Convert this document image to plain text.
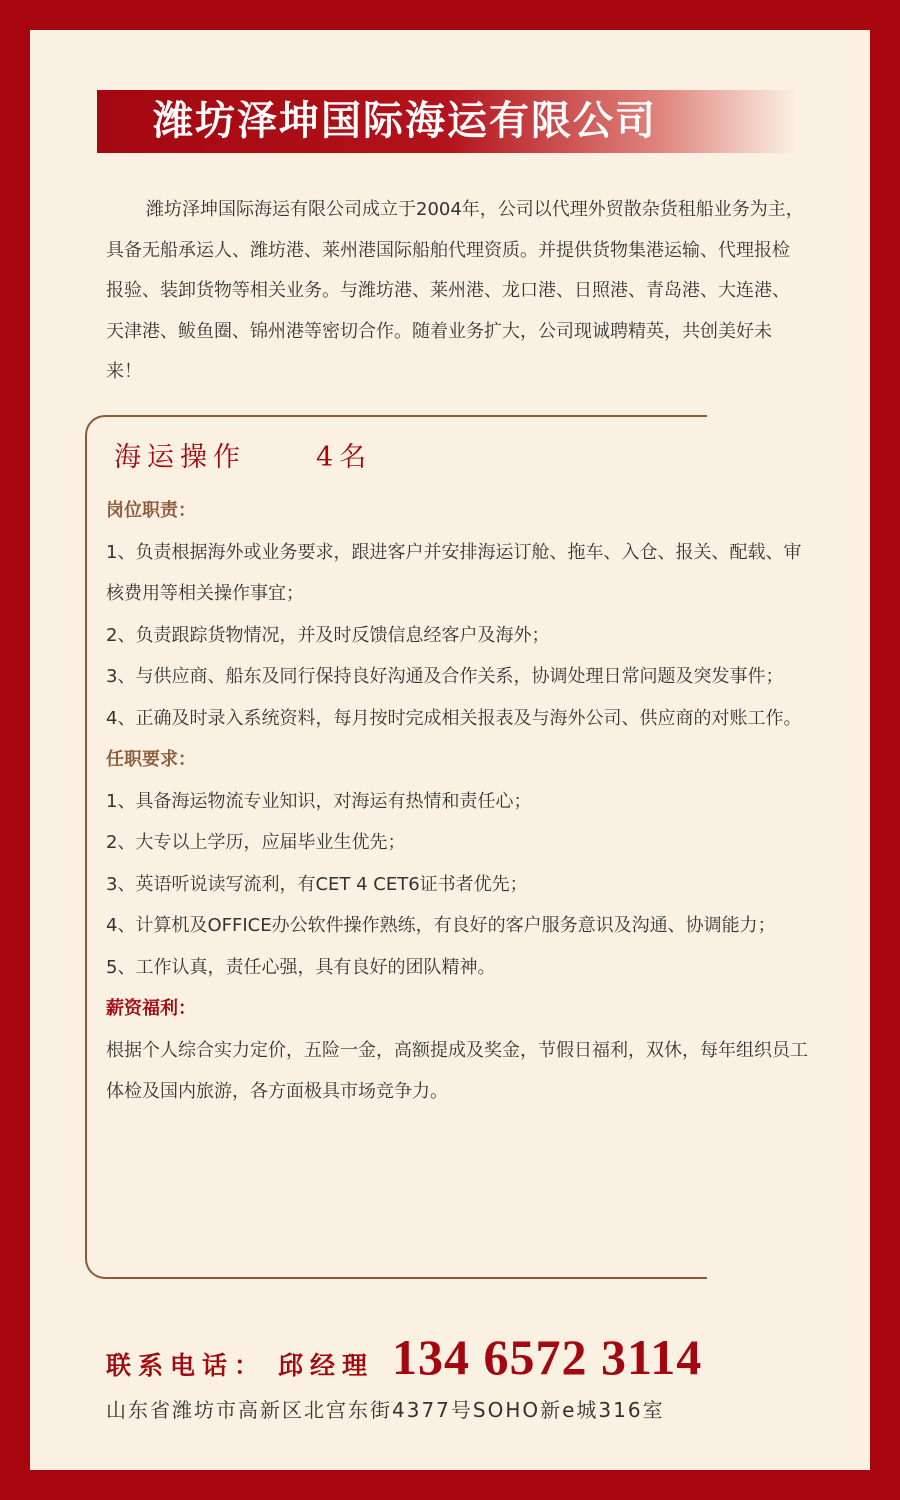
潍坊泽坤国际海运有限公司

潍坊泽坤国际海运有限公司成立于2004年，公司以代理外贸散杂货租船业务为主，具备无船承运人、潍坊港、莱州港国际船舶代理资质。并提供货物集港运输、代理报检报验、装卸货物等相关业务。与潍坊港、莱州港、龙口港、日照港、青岛港、大连港、天津港、鲅鱼圈、锦州港等密切合作。随着业务扩大，公司现诚聘精英，共创美好未来！

海运操作	4名
岗位职责：

1、负责根据海外或业务要求，跟进客户并安排海运订舱、拖车、入仓、报关、配载、审核费用等相关操作事宜；

2、负责跟踪货物情况，并及时反馈信息经客户及海外；

3、与供应商、船东及同行保持良好沟通及合作关系，协调处理日常问题及突发事件；

4、正确及时录入系统资料，每月按时完成相关报表及与海外公司、供应商的对账工作。

任职要求：

1、具备海运物流专业知识，对海运有热情和责任心；

2、大专以上学历，应届毕业生优先；

3、英语听说读写流利，有CET 4 CET6证书者优先；

4、计算机及OFFICE办公软件操作熟练，有良好的客户服务意识及沟通、协调能力；

5、工作认真，责任心强，具有良好的团队精神。

薪资福利：

根据个人综合实力定价，五险一金，高额提成及奖金，节假日福利，双休，每年组织员工体检及国内旅游，各方面极具市场竞争力。

联系电话： 邱经理 134 6572 3114
山东省潍坊市高新区北宫东街4377号SOHO新e城316室
